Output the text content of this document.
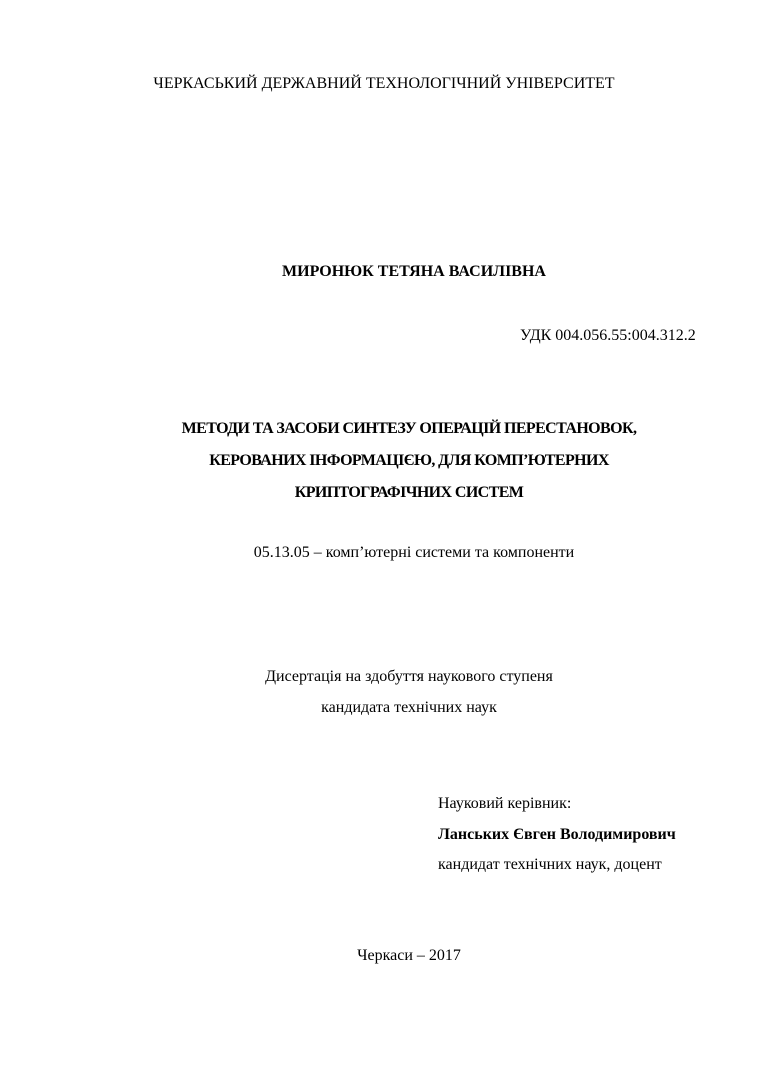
ЧЕРКАСЬКИЙ ДЕРЖАВНИЙ ТЕХНОЛОГІЧНИЙ УНІВЕРСИТЕТ
МИРОНЮК ТЕТЯНА ВАСИЛІВНА
УДК 004.056.55:004.312.2
МЕТОДИ ТА ЗАСОБИ СИНТЕЗУ ОПЕРАЦІЙ ПЕРЕСТАНОВОК,
КЕРОВАНИХ ІНФОРМАЦІЄЮ, ДЛЯ КОМП’ЮТЕРНИХ
КРИПТОГРАФІЧНИХ СИСТЕМ
05.13.05 – комп’ютерні системи та компоненти
Дисертація на здобуття наукового ступеня
кандидата технічних наук
Науковий керівник:
Ланських Євген Володимирович
кандидат технічних наук, доцент
Черкаси – 2017
